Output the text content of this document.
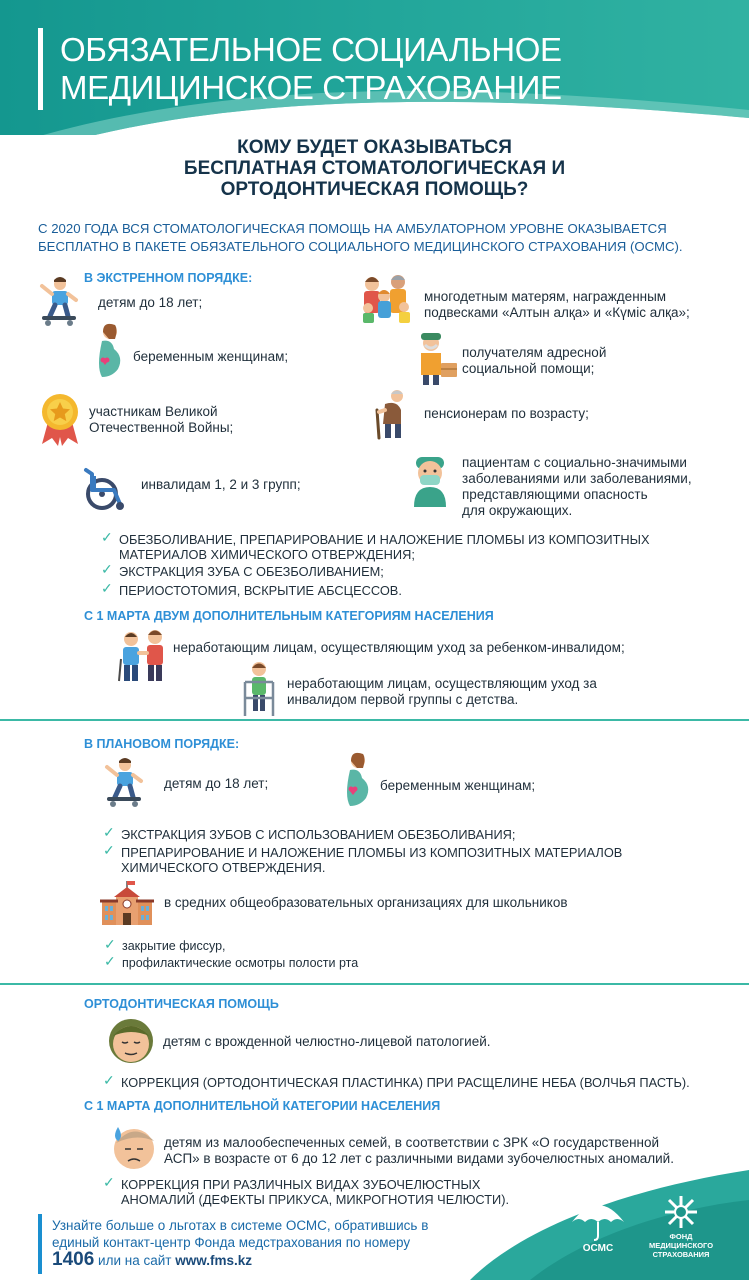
ОБЯЗАТЕЛЬНОЕ СОЦИАЛЬНОЕ
МЕДИЦИНСКОЕ СТРАХОВАНИЕ
КОМУ БУДЕТ ОКАЗЫВАТЬСЯ
БЕСПЛАТНАЯ СТОМАТОЛОГИЧЕСКАЯ И
ОРТОДОНТИЧЕСКАЯ ПОМОЩЬ?
С 2020 ГОДА ВСЯ СТОМАТОЛОГИЧЕСКАЯ ПОМОЩЬ НА АМБУЛАТОРНОМ УРОВНЕ ОКАЗЫВАЕТСЯ
БЕСПЛАТНО В ПАКЕТЕ ОБЯЗАТЕЛЬНОГО СОЦИАЛЬНОГО МЕДИЦИНСКОГО СТРАХОВАНИЯ (ОСМС).
В ЭКСТРЕННОМ ПОРЯДКЕ:
детям до 18 лет;	многодетным матерям, награжденным
подвесками «Алтын алқа» и «Күміс алқа»;
беременным женщинам;	получателям адресной
социальной помощи;
участникам Великой
Отечественной Войны;
пенсионерам по возрасту;
инвалидам 1, 2 и 3 групп;
пациентам с социально-значимыми
заболеваниями или заболеваниями,
представляющими опасность
для окружающих.
✓ ОБЕЗБОЛИВАНИЕ, ПРЕПАРИРОВАНИЕ И НАЛОЖЕНИЕ ПЛОМБЫ ИЗ КОМПОЗИТНЫХ
МАТЕРИАЛОВ ХИМИЧЕСКОГО ОТВЕРЖДЕНИЯ;
✓ ЭКСТРАКЦИЯ ЗУБА С ОБЕЗБОЛИВАНИЕМ;
✓ ПЕРИОСТОТОМИЯ, ВСКРЫТИЕ АБСЦЕССОВ.
С 1 МАРТА ДВУМ ДОПОЛНИТЕЛЬНЫМ КАТЕГОРИЯМ НАСЕЛЕНИЯ
неработающим лицам, осуществляющим уход за ребенком-инвалидом;
неработающим лицам, осуществляющим уход за
инвалидом первой группы с детства.
В ПЛАНОВОМ ПОРЯДКЕ:
детям до 18 лет;	беременным женщинам;
✓ ЭКСТРАКЦИЯ ЗУБОВ С ИСПОЛЬЗОВАНИЕМ ОБЕЗБОЛИВАНИЯ;
✓ ПРЕПАРИРОВАНИЕ И НАЛОЖЕНИЕ ПЛОМБЫ ИЗ КОМПОЗИТНЫХ МАТЕРИАЛОВ
ХИМИЧЕСКОГО ОТВЕРЖДЕНИЯ.
в средних общеобразовательных организациях для школьников
✓ закрытие фиссур,
✓ профилактические осмотры полости рта
ОРТОДОНТИЧЕСКАЯ ПОМОЩЬ
детям с врожденной челюстно-лицевой патологией.
✓ КОРРЕКЦИЯ (ОРТОДОНТИЧЕСКАЯ ПЛАСТИНКА) ПРИ РАСЩЕЛИНЕ НЕБА (ВОЛЧЬЯ ПАСТЬ).
С 1 МАРТА ДОПОЛНИТЕЛЬНОЙ КАТЕГОРИИ НАСЕЛЕНИЯ
детям из малообеспеченных семей, в соответствии с ЗРК «О государственной
АСП» в возрасте от 6 до 12 лет с различными видами зубочелюстных аномалий.
✓ КОРРЕКЦИЯ ПРИ РАЗЛИЧНЫХ ВИДАХ ЗУБОЧЕЛЮСТНЫХ
АНОМАЛИЙ (ДЕФЕКТЫ ПРИКУСА, МИКРОГНОТИЯ ЧЕЛЮСТИ).
Узнайте больше о льготах в системе ОСМС, обратившись в
единый контакт-центр Фонда медстрахования по номеру
1406 или на сайт www.fms.kz
ОСМС
ФОНД
МЕДИЦИНСКОГО
СТРАХОВАНИЯ
